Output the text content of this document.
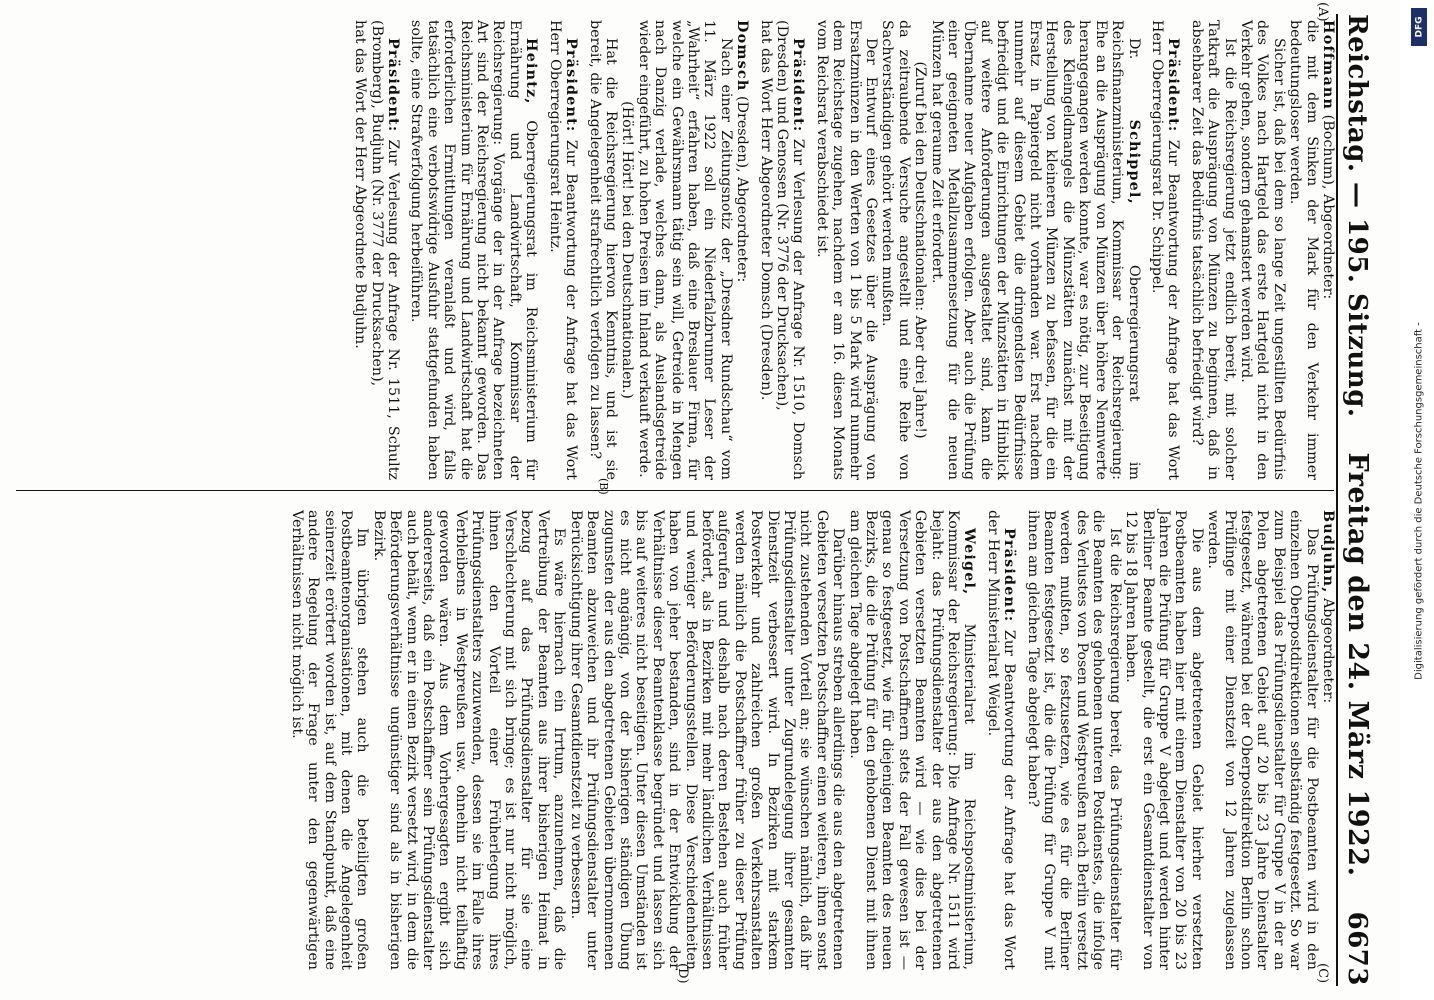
Reichstag. — 195. Sitzung.
Freitag den 24. März 1922.
6673
(A)
(B)
(C)
(D)

Hoffmann (Bochum), Abgeordneter:

die mit dem Sinken der Mark für den Verkehr immer bedeutungsloser werden.

Sicher ist, daß bei dem so lange Zeit ungestillten Bedürfnis des Volkes nach Hartgeld das erste Hartgeld nicht in den Verkehr gehen, sondern gehamstert werden wird.

Ist die Reichsregierung jetzt endlich bereit, mit solcher Tatkraft die Ausprägung von Münzen zu beginnen, daß in absehbarer Zeit das Bedürfnis tatsächlich befriedigt wird?

Präsident: Zur Beantwortung der Anfrage hat das Wort Herr Oberregierungsrat Dr. Schippel.

Dr. Schippel, Oberregierungsrat im Reichsfinanzministerium, Kommissar der Reichsregierung: Ehe an die Ausprägung von Münzen über höhere Nennwerte herangegangen werden konnte, war es nötig, zur Beseitigung des Kleingeldmangels die Münzstätten zunächst mit der Herstellung von kleineren Münzen zu befassen, für die ein Ersatz in Papiergeld nicht vorhanden war. Erst nachdem nunmehr auf diesem Gebiet die dringendsten Bedürfnisse befriedigt und die Einrichtungen der Münzstätten in Hinblick auf weitere Anforderungen ausgestaltet sind, kann die Übernahme neuer Aufgaben erfolgen. Aber auch die Prüfung einer geeigneten Metallzusammensetzung für die neuen Münzen hat geraume Zeit erfordert.

(Zuruf bei den Deutschnationalen: Aber drei Jahre!)

da zeitraubende Versuche angestellt und eine Reihe von Sachverständigen gehört werden mußten.

Der Entwurf eines Gesetzes über die Ausprägung von Ersatzmünzen in den Werten von 1 bis 5 Mark wird nunmehr dem Reichstage zugehen, nachdem er am 16. diesen Monats vom Reichsrat verabschiedet ist.

Präsident: Zur Verlesung der Anfrage Nr. 1510, Domsch (Dresden) und Genossen (Nr. 3776 der Drucksachen),

hat das Wort Herr Abgeordneter Domsch (Dresden).

Domsch (Dresden), Abgeordneter:

Nach einer Zeitungsnotiz der „Dresdner Rundschau“ vom 11. März 1922 soll ein Niederfalzbrunner Leser der „Wahrheit“ erfahren haben, daß eine Breslauer Firma, für welche ein Gewährsmann tätig sein will, Getreide in Mengen nach Danzig verlade, welches dann, als Auslandsgetreide wieder eingeführt, zu hohen Preisen im Inland verkauft werde.

(Hört! Hört! bei den Deutschnationalen.)

Hat die Reichsregierung hiervon Kenntnis, und ist sie bereit, die Angelegenheit strafrechtlich verfolgen zu lassen?

Präsident: Zur Beantwortung der Anfrage hat das Wort Herr Oberregierungsrat Heintz.

Heintz, Oberregierungsrat im Reichsministerium für Ernährung und Landwirtschaft, Kommissar der Reichsregierung: Vorgänge der in der Anfrage bezeichneten Art sind der Reichsregierung nicht bekannt geworden. Das Reichsministerium für Ernährung und Landwirtschaft hat die erforderlichen Ermittlungen veranlaßt und wird, falls tatsächlich eine verbotswidrige Ausfuhr stattgefunden haben sollte, eine Strafverfolgung herbeiführen.

Präsident: Zur Verlesung der Anfrage Nr. 1511, Schultz (Bromberg), Budjuhn (Nr. 3777 der Drucksachen),

hat das Wort der Herr Abgeordnete Budjuhn.

Budjuhn, Abgeordneter:

Das Prüfungsdienstalter für die Postbeamten wird in den einzelnen Oberpostdirektionen selbständig festgesetzt. So war zum Beispiel das Prüfungsdienstalter für Gruppe V in der an Polen abgetretenen Gebiet auf 20 bis 23 Jahre Dienstalter festgesetzt, während bei der Oberpostdirektion Berlin schon Prüflinge mit einer Dienstzeit von 12 Jahren zugelassen werden.

Die aus dem abgetretenen Gebiet hierher versetzten Postbeamten haben hier mit einem Dienstalter von 20 bis 23 Jahren die Prüfung für Gruppe V abgelegt und werden hinter Berliner Beamte gestellt, die erst ein Gesamtdienstalter von 12 bis 18 Jahren haben.

Ist die Reichsregierung bereit, das Prüfungsdienstalter für die Beamten des gehobenen unteren Postdienstes, die infolge des Verlustes von Posen und Westpreußen nach Berlin versetzt werden mußten, so festzusetzen, wie es für die Berliner Beamten festgesetzt ist, die die Prüfung für Gruppe V mit ihnen am gleichen Tage abgelegt haben?

Präsident: Zur Beantwortung der Anfrage hat das Wort der Herr Ministerialrat Weigel.

Weigel, Ministerialrat im Reichspostministerium, Kommissar der Reichsregierung: Die Anfrage Nr. 1511 wird bejaht: das Prüfungsdienstalter der aus den abgetretenen Gebieten versetzten Beamten wird — wie dies bei der Versetzung von Postschaffnern stets der Fall gewesen ist — genau so festgesetzt, wie für diejenigen Beamten des neuen Bezirks, die die Prüfung für den gehobenen Dienst mit ihnen am gleichen Tage abgelegt haben.

Darüber hinaus streben allerdings die aus den abgetretenen Gebieten versetzten Postschaffner einen weiteren, ihnen sonst nicht zustehenden Vorteil an; sie wünschen nämlich, daß ihr Prüfungsdienstalter unter Zugrundelegung ihrer gesamten Dienstzeit verbessert wird. In Bezirken mit starkem Postverkehr und zahlreichen großen Verkehrsanstalten werden nämlich die Postschaffner früher zu dieser Prüfung aufgerufen und deshalb nach deren Bestehen auch früher befördert, als in Bezirken mit mehr ländlichen Verhältnissen und weniger Beförderungsstellen. Diese Verschiedenheiten haben von jeher bestanden, sind in der Entwicklung der Verhältnisse dieser Beamtenklasse begründet und lassen sich bis auf weiteres nicht beseitigen. Unter diesen Umständen ist es nicht angängig, von der bisherigen ständigen Übung zugunsten der aus den abgetretenen Gebieten übernommenen Beamten abzuweichen und ihr Prüfungsdienstalter unter Berücksichtigung ihrer Gesamtdienstzeit zu verbessern.

Es wäre hiernach ein Irrtum, anzunehmen, daß die Vertreibung der Beamten aus ihrer bisherigen Heimat in bezug auf das Prüfungsdienstalter für sie eine Verschlechterung mit sich bringe; es ist nur nicht möglich, ihnen den Vorteil einer Früherlegung ihres Prüfungsdienstalters zuzuwenden, dessen sie im Falle ihres Verbleibens in Westpreußen usw. ohnehin nicht teilhaftig geworden wären. Aus dem Vorhergesagten ergibt sich andererseits, daß ein Postschaffner sein Prüfungsdienstalter auch behält, wenn er in einen Bezirk versetzt wird, in dem die Beförderungsverhältnisse ungünstiger sind als in bisherigen Bezirk.

Im übrigen stehen auch die beteiligten großen Postbeamtenorganisationen, mit denen die Angelegenheit seinerzeit erörtert worden ist, auf dem Standpunkt, daß eine andere Regelung der Frage unter den gegenwärtigen Verhältnissen nicht möglich ist.	Digitalisierung gefördert durch die Deutsche Forschungsgemeinschaft -
DFG
